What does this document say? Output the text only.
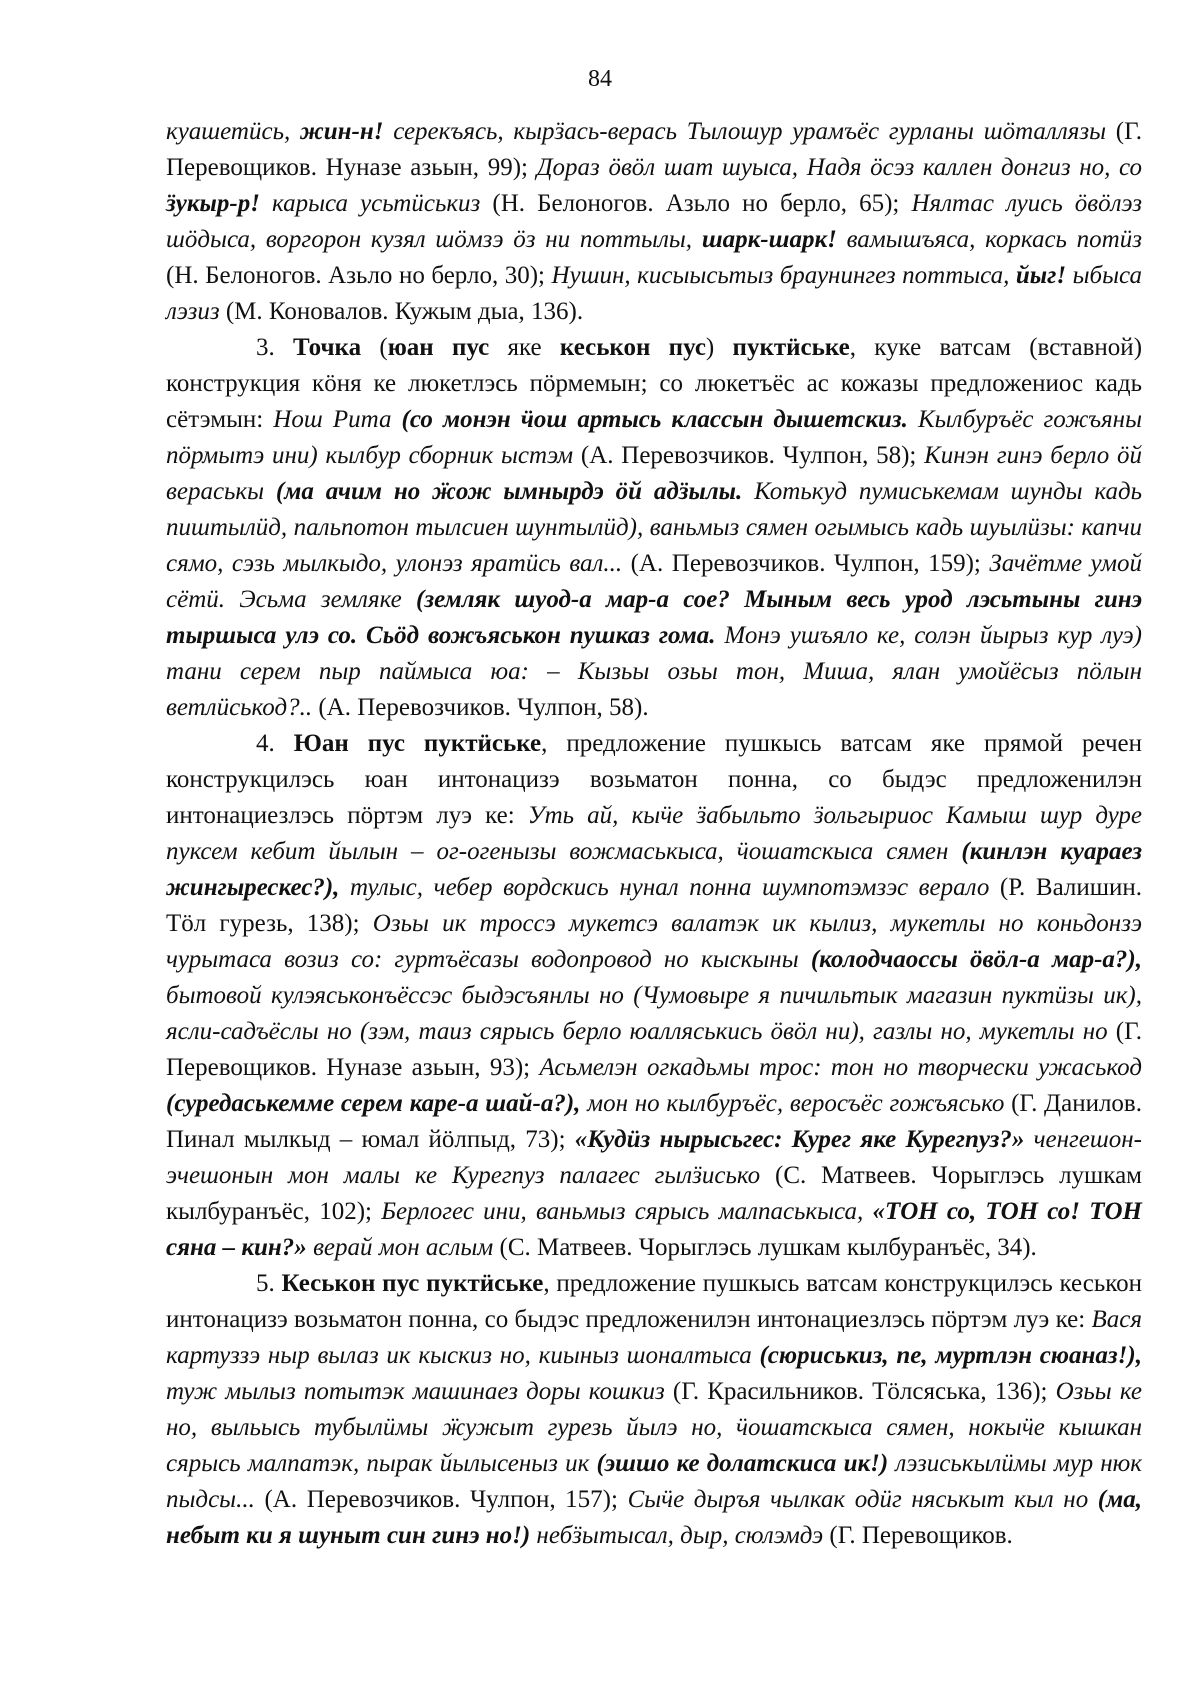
84

куашетӥсь, жин-н! серекъясь, кырӟась-верась Тылошур урамъёс гурланы шӧталлязы (Г. Перевощиков. Нуназе азьын, 99); Дораз ӧвӧл шат шуыса, Надя ӧсэз каллен донгиз но, со ӟукыр-р! карыса усьтӥськиз (Н. Белоногов. Азьло но берло, 65); Нялтас луись ӧвӧлэз шӧдыса, воргорон кузял шӧмзэ ӧз ни поттылы, шарк-шарк! вамышъяса, коркась потӥз (Н. Белоногов. Азьло но берло, 30); Нушин, кисыысьтыз браунингез поттыса, йыг! ыбыса лэзиз (М. Коновалов. Кужым дыа, 136).

3. Точка (юан пус яке кеськон пус) пуктӥське, куке ватсам (вставной) конструкция кӧня ке люкетлэсь пӧрмемын; со люкетъёс ас кожазы предложениос кадь сётэмын: Нош Рита (со монэн ӵош артысь классын дышетскиз. Кылбуръёс гожъяны пӧрмытэ ини) кылбур сборник ыстэм (А. Перевозчиков. Чулпон, 58); Кинэн гинэ берло ӧй вераськы (ма ачим но ӝож ымнырдэ ӧй адӟылы. Котькуд пумиськемам шунды кадь пиштылӥд, пальпотон тылсиен шунтылӥд), ваньмыз сямен огымысь кадь шуылӥзы: капчи сямо, сэзь мылкыдо, улонэз яратӥсь вал... (А. Перевозчиков. Чулпон, 159); Зачётме умой сётӥ. Эсьма земляке (земляк шуод-а мар-а сое? Мыным весь урод лэсьтыны гинэ тыршыса улэ со. Сьӧд вожъяськон пушказ гома. Монэ ушъяло ке, солэн йырыз кур луэ) тани серем пыр паймыса юа: – Кызьы озьы тон, Миша, ялан умойёсыз пӧлын ветлӥськод?.. (А. Перевозчиков. Чулпон, 58).

4. Юан пус пуктӥське, предложение пушкысь ватсам яке прямой речен конструкцилэсь юан интонацизэ возьматон понна, со быдэс предложенилэн интонациезлэсь пӧртэм луэ ке: Уть ай, кыӵе ӟабыльто ӟольгыриос Камыш шур дуре пуксем кебит йылын – ог-огенызы вожмаськыса, ӵошатскыса сямен (кинлэн куараез жингырескес?), тулыс, чебер вордскись нунал понна шумпотэмзэс верало (Р. Валишин. Тӧл гурезь, 138); Озьы ик троссэ мукетсэ валатэк ик кылиз, мукетлы но коньдонзэ чурытаса возиз со: гуртъёсазы водопровод но кыскыны (колодчаоссы ӧвӧл-а мар-а?), бытовой кулэяськонъёссэс быдэсъянлы но (Чумовыре я пичильтык магазин пуктӥзы ик), ясли-садъёслы но (зэм, таиз сярысь берло юалляськись ӧвӧл ни), газлы но, мукетлы но (Г. Перевощиков. Нуназе азьын, 93); Асьмелэн огкадьмы трос: тон но творчески ужаськод (суредаськемме серем каре-а шай-а?), мон но кылбуръёс, веросъёс гожъясько (Г. Данилов. Пинал мылкыд – юмал йӧлпыд, 73); «Кудӥз нырысьгес: Курег яке Курегпуз?» ченгешон-эчешонын мон малы ке Курегпуз палагес гылӟисько (С. Матвеев. Чорыглэсь лушкам кылбуранъёс, 102); Берлогес ини, ваньмыз сярысь малпаськыса, «ТОН со, ТОН со! ТОН сяна – кин?» верай мон аслым (С. Матвеев. Чорыглэсь лушкам кылбуранъёс, 34).

5. Кеськон пус пуктӥське, предложение пушкысь ватсам конструкцилэсь кеськон интонацизэ возьматон понна, со быдэс предложенилэн интонациезлэсь пӧртэм луэ ке: Вася картуззэ ныр вылаз ик кыскиз но, киыныз шоналтыса (сюриськиз, пе, муртлэн сюаназ!), туж мылыз потытэк машинаез доры кошкиз (Г. Красильников. Тӧлсяська, 136); Озьы ке но, выльысь тубылӥмы ӝужыт гурезь йылэ но, ӵошатскыса сямен, нокыӵе кышкан сярысь малпатэк, пырак йылысеныз ик (эшшо ке долатскиса ик!) лэзиськылӥмы мур нюк пыдсы... (А. Перевозчиков. Чулпон, 157); Сыӵе дыръя чылкак одӥг няськыт кыл но (ма, небыт ки я шуныт син гинэ но!) небӟытысал, дыр, сюлэмдэ (Г. Перевощиков.
